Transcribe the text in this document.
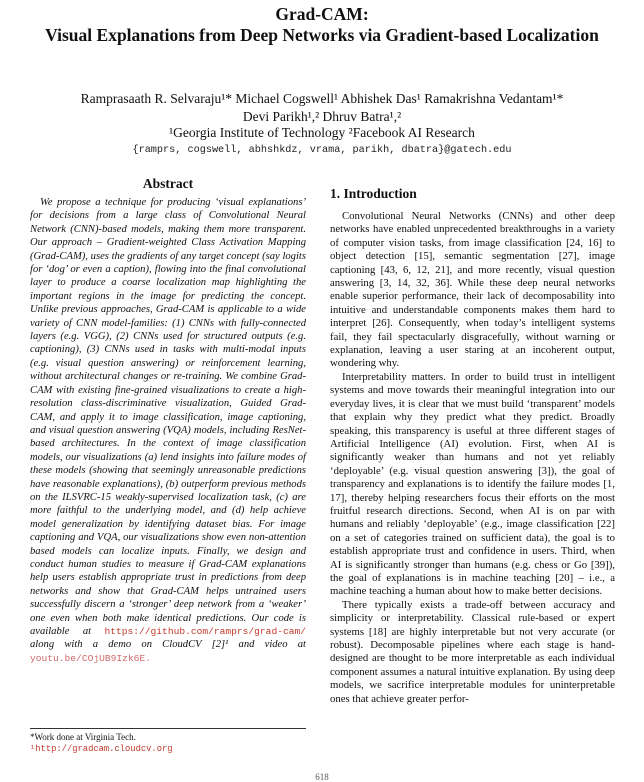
Grad-CAM:
Visual Explanations from Deep Networks via Gradient-based Localization
Ramprasaath R. Selvaraju¹* Michael Cogswell¹ Abhishek Das¹ Ramakrishna Vedantam¹*
Devi Parikh¹,² Dhruv Batra¹,²
¹Georgia Institute of Technology ²Facebook AI Research
{ramprs, cogswell, abhshkdz, vrama, parikh, dbatra}@gatech.edu
Abstract

We propose a technique for producing ‘visual explanations’ for decisions from a large class of Convolutional Neural Network (CNN)-based models, making them more transparent. Our approach – Gradient-weighted Class Activation Mapping (Grad-CAM), uses the gradients of any target concept (say logits for ‘dog’ or even a caption), flowing into the final convolutional layer to produce a coarse localization map highlighting the important regions in the image for predicting the concept. Unlike previous approaches, Grad-CAM is applicable to a wide variety of CNN model-families: (1) CNNs with fully-connected layers (e.g. VGG), (2) CNNs used for structured outputs (e.g. captioning), (3) CNNs used in tasks with multi-modal inputs (e.g. visual question answering) or reinforcement learning, without architectural changes or re-training. We combine Grad-CAM with existing fine-grained visualizations to create a high-resolution class-discriminative visualization, Guided Grad-CAM, and apply it to image classification, image captioning, and visual question answering (VQA) models, including ResNet-based architectures. In the context of image classification models, our visualizations (a) lend insights into failure modes of these models (showing that seemingly unreasonable predictions have reasonable explanations), (b) outperform previous methods on the ILSVRC-15 weakly-supervised localization task, (c) are more faithful to the underlying model, and (d) help achieve model generalization by identifying dataset bias. For image captioning and VQA, our visualizations show even non-attention based models can localize inputs. Finally, we design and conduct human studies to measure if Grad-CAM explanations help users establish appropriate trust in predictions from deep networks and show that Grad-CAM helps untrained users successfully discern a ‘stronger’ deep network from a ‘weaker’ one even when both make identical predictions. Our code is available at https://github.com/ramprs/grad-cam/ along with a demo on CloudCV [2]¹ and video at youtu.be/COjUB9Izk6E.

*Work done at Virginia Tech.
¹http://gradcam.cloudcv.org
1. Introduction

Convolutional Neural Networks (CNNs) and other deep networks have enabled unprecedented breakthroughs in a variety of computer vision tasks, from image classification [24, 16] to object detection [15], semantic segmentation [27], image captioning [43, 6, 12, 21], and more recently, visual question answering [3, 14, 32, 36]. While these deep neural networks enable superior performance, their lack of decomposability into intuitive and understandable components makes them hard to interpret [26]. Consequently, when today’s intelligent systems fail, they fail spectacularly disgracefully, without warning or explanation, leaving a user staring at an incoherent output, wondering why.

Interpretability matters. In order to build trust in intelligent systems and move towards their meaningful integration into our everyday lives, it is clear that we must build ‘transparent’ models that explain why they predict what they predict. Broadly speaking, this transparency is useful at three different stages of Artificial Intelligence (AI) evolution. First, when AI is significantly weaker than humans and not yet reliably ‘deployable’ (e.g. visual question answering [3]), the goal of transparency and explanations is to identify the failure modes [1, 17], thereby helping researchers focus their efforts on the most fruitful research directions. Second, when AI is on par with humans and reliably ‘deployable’ (e.g., image classification [22] on a set of categories trained on sufficient data), the goal is to establish appropriate trust and confidence in users. Third, when AI is significantly stronger than humans (e.g. chess or Go [39]), the goal of explanations is in machine teaching [20] – i.e., a machine teaching a human about how to make better decisions.

There typically exists a trade-off between accuracy and simplicity or interpretability. Classical rule-based or expert systems [18] are highly interpretable but not very accurate (or robust). Decomposable pipelines where each stage is hand-designed are thought to be more interpretable as each individual component assumes a natural intuitive explanation. By using deep models, we sacrifice interpretable modules for uninterpretable ones that achieve greater perfor-

618
